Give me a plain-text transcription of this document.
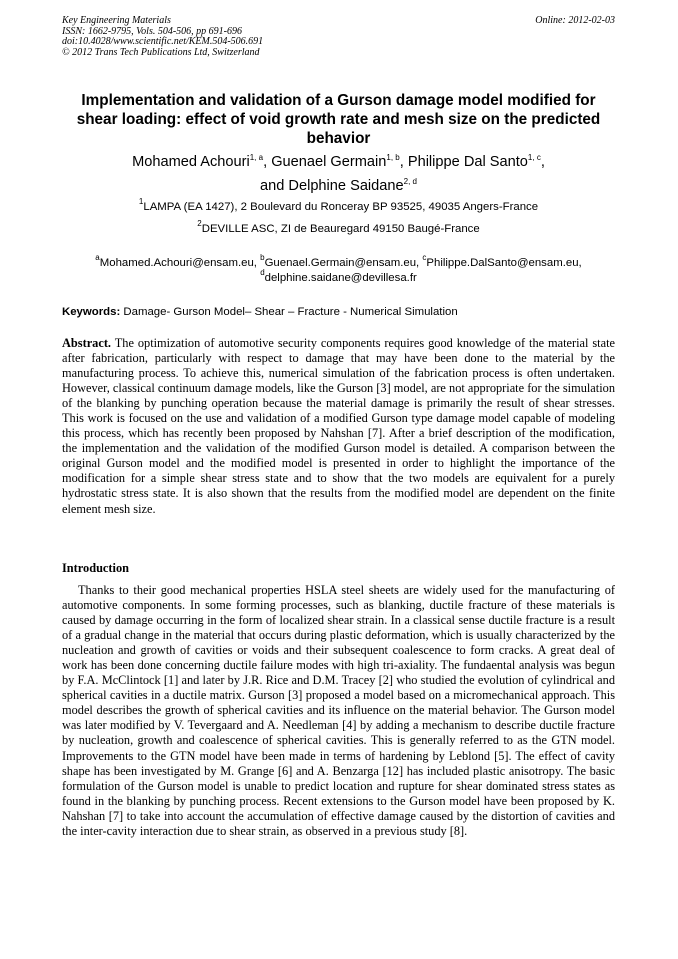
Key Engineering Materials
ISSN: 1662-9795, Vols. 504-506, pp 691-696
doi:10.4028/www.scientific.net/KEM.504-506.691
© 2012 Trans Tech Publications Ltd, Switzerland
Online: 2012-02-03
Implementation and validation of a Gurson damage model modified for shear loading: effect of void growth rate and mesh size on the predicted behavior
Mohamed Achouri$^{1, a}$, Guenael Germain$^{1, b}$, Philippe Dal Santo$^{1, c}$,
and Delphine Saidane$^{2, d}$
$^1$LAMPA (EA 1427), 2 Boulevard du Ronceray BP 93525, 49035 Angers-France
$^2$DEVILLE ASC, ZI de Beauregard 49150 Baugé-France
$^a$Mohamed.Achouri@ensam.eu, $^b$Guenael.Germain@ensam.eu, $^c$Philippe.DalSanto@ensam.eu,
$^d$delphine.saidane@devillesa.fr
Keywords: Damage- Gurson Model– Shear – Fracture - Numerical Simulation
Abstract. The optimization of automotive security components requires good knowledge of the material state after fabrication, particularly with respect to damage that may have been done to the material by the manufacturing process. To achieve this, numerical simulation of the fabrication process is often undertaken. However, classical continuum damage models, like the Gurson [3] model, are not appropriate for the simulation of the blanking by punching operation because the material damage is primarily the result of shear stresses. This work is focused on the use and validation of a modified Gurson type damage model capable of modeling this process, which has recently been proposed by Nahshan [7]. After a brief description of the modification, the implementation and the validation of the modified Gurson model is detailed. A comparison between the original Gurson model and the modified model is presented in order to highlight the importance of the modification for a simple shear stress state and to show that the two models are equivalent for a purely hydrostatic stress state. It is also shown that the results from the modified model are dependent on the finite element mesh size.
Introduction
Thanks to their good mechanical properties HSLA steel sheets are widely used for the manufacturing of automotive components. In some forming processes, such as blanking, ductile fracture of these materials is caused by damage occurring in the form of localized shear strain. In a classical sense ductile fracture is a result of a gradual change in the material that occurs during plastic deformation, which is usually characterized by the nucleation and growth of cavities or voids and their subsequent coalescence to form cracks. A great deal of work has been done concerning ductile failure modes with high tri-axiality. The fundaental analysis was begun by F.A. McClintock [1] and later by J.R. Rice and D.M. Tracey [2] who studied the evolution of cylindrical and spherical cavities in a ductile matrix. Gurson [3] proposed a model based on a micromechanical approach. This model describes the growth of spherical cavities and its influence on the material behavior. The Gurson model was later modified by V. Tevergaard and A. Needleman [4] by adding a mechanism to describe ductile fracture by nucleation, growth and coalescence of spherical cavities. This is generally referred to as the GTN model. Improvements to the GTN model have been made in terms of hardening by Leblond [5]. The effect of cavity shape has been investigated by M. Grange [6] and A. Benzarga [12] has included plastic anisotropy. The basic formulation of the Gurson model is unable to predict location and rupture for shear dominated stress states as found in the blanking by punching process. Recent extensions to the Gurson model have been proposed by K. Nahshan [7] to take into account the accumulation of effective damage caused by the distortion of cavities and the inter-cavity interaction due to shear strain, as observed in a previous study [8].
